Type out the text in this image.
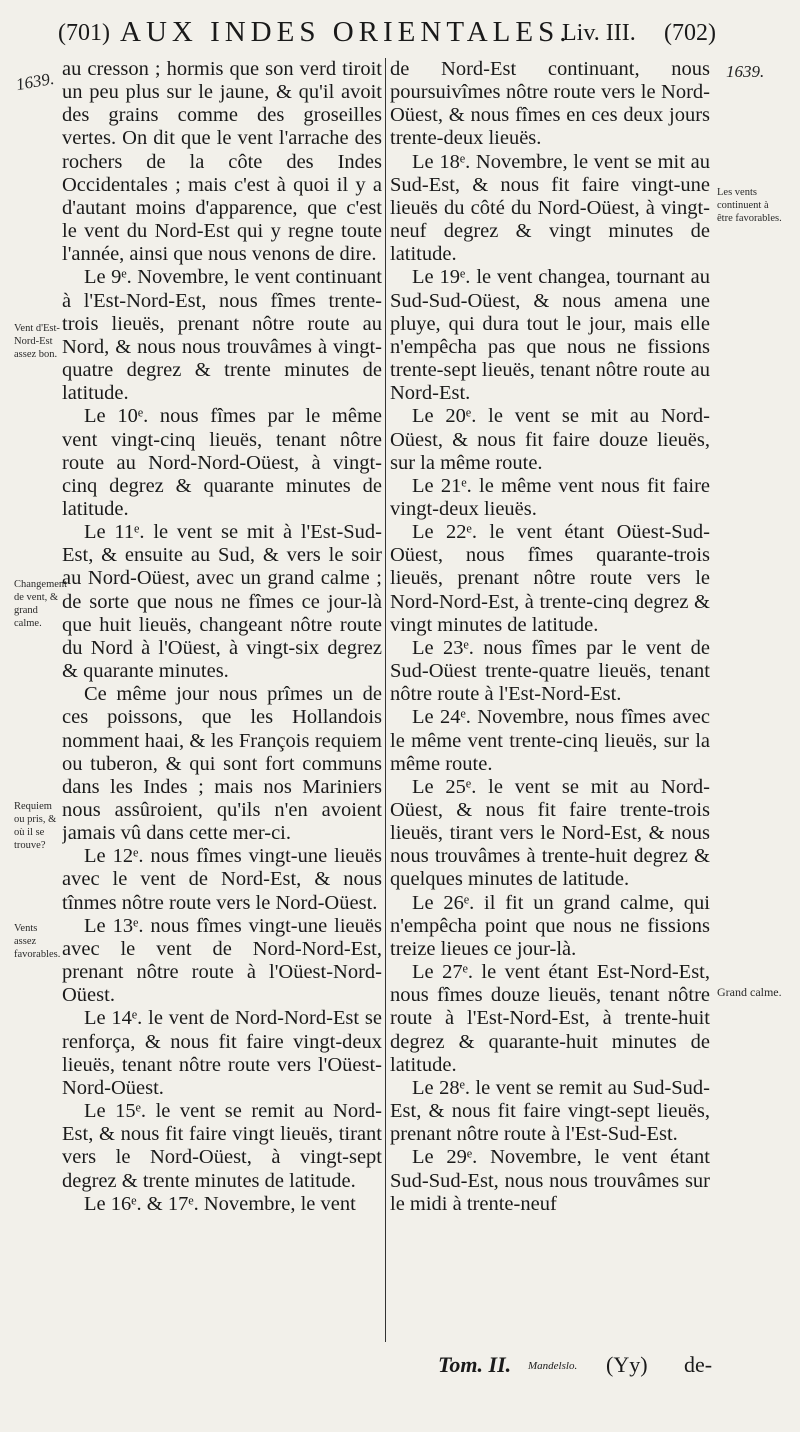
(701) AUX INDES ORIENTALES.
Liv. III. (702)
1639.	1639.
Vent d'Est-Nord-Est assez bon.
Changement de vent, & grand calme.
Requiem ou pris, & où il se trouve?
Vents assez favorables.
Les vents continuent à être favorables.
Grand calme.

au cresson ; hormis que son verd tiroit un peu plus sur le jaune, & qu'il avoit des grains comme des groseilles vertes. On dit que le vent l'arrache des rochers de la côte des Indes Occidentales ; mais c'est à quoi il y a d'autant moins d'apparence, que c'est le vent du Nord-Est qui y regne toute l'année, ainsi que nous venons de dire.

Le 9ᵉ. Novembre, le vent continuant à l'Est-Nord-Est, nous fîmes trente-trois lieuës, prenant nôtre route au Nord, & nous nous trouvâmes à vingt-quatre degrez & trente minutes de latitude.

Le 10ᵉ. nous fîmes par le même vent vingt-cinq lieuës, tenant nôtre route au Nord-Nord-Oüest, à vingt-cinq degrez & quarante minutes de latitude.

Le 11ᵉ. le vent se mit à l'Est-Sud-Est, & ensuite au Sud, & vers le soir au Nord-Oüest, avec un grand calme ; de sorte que nous ne fîmes ce jour-là que huit lieuës, changeant nôtre route du Nord à l'Oüest, à vingt-six degrez & quarante minutes.

Ce même jour nous prîmes un de ces poissons, que les Hollandois nomment haai, & les François requiem ou tuberon, & qui sont fort communs dans les Indes ; mais nos Mariniers nous assûroient, qu'ils n'en avoient jamais vû dans cette mer-ci.

Le 12ᵉ. nous fîmes vingt-une lieuës avec le vent de Nord-Est, & nous tînmes nôtre route vers le Nord-Oüest.

Le 13ᵉ. nous fîmes vingt-une lieuës avec le vent de Nord-Nord-Est, prenant nôtre route à l'Oüest-Nord-Oüest.

Le 14ᵉ. le vent de Nord-Nord-Est se renforça, & nous fit faire vingt-deux lieuës, tenant nôtre route vers l'Oüest-Nord-Oüest.

Le 15ᵉ. le vent se remit au Nord-Est, & nous fit faire vingt lieuës, tirant vers le Nord-Oüest, à vingt-sept degrez & trente minutes de latitude.

Le 16ᵉ. & 17ᵉ. Novembre, le vent

de Nord-Est continuant, nous poursuivîmes nôtre route vers le Nord-Oüest, & nous fîmes en ces deux jours trente-deux lieuës.

Le 18ᵉ. Novembre, le vent se mit au Sud-Est, & nous fit faire vingt-une lieuës du côté du Nord-Oüest, à vingt-neuf degrez & vingt minutes de latitude.

Le 19ᵉ. le vent changea, tournant au Sud-Sud-Oüest, & nous amena une pluye, qui dura tout le jour, mais elle n'empêcha pas que nous ne fissions trente-sept lieuës, tenant nôtre route au Nord-Est.

Le 20ᵉ. le vent se mit au Nord-Oüest, & nous fit faire douze lieuës, sur la même route.

Le 21ᵉ. le même vent nous fit faire vingt-deux lieuës.

Le 22ᵉ. le vent étant Oüest-Sud-Oüest, nous fîmes quarante-trois lieuës, prenant nôtre route vers le Nord-Nord-Est, à trente-cinq degrez & vingt minutes de latitude.

Le 23ᵉ. nous fîmes par le vent de Sud-Oüest trente-quatre lieuës, tenant nôtre route à l'Est-Nord-Est.

Le 24ᵉ. Novembre, nous fîmes avec le même vent trente-cinq lieuës, sur la même route.

Le 25ᵉ. le vent se mit au Nord-Oüest, & nous fit faire trente-trois lieuës, tirant vers le Nord-Est, & nous nous trouvâmes à trente-huit degrez & quelques minutes de latitude.

Le 26ᵉ. il fit un grand calme, qui n'empêcha point que nous ne fissions treize lieues ce jour-là.

Le 27ᵉ. le vent étant Est-Nord-Est, nous fîmes douze lieuës, tenant nôtre route à l'Est-Nord-Est, à trente-huit degrez & quarante-huit minutes de latitude.

Le 28ᵉ. le vent se remit au Sud-Sud-Est, & nous fit faire vingt-sept lieuës, prenant nôtre route à l'Est-Sud-Est.

Le 29ᵉ. Novembre, le vent étant Sud-Sud-Est, nous nous trouvâmes sur le midi à trente-neuf

Tom. II. Mandelslo. (Yy) de-
